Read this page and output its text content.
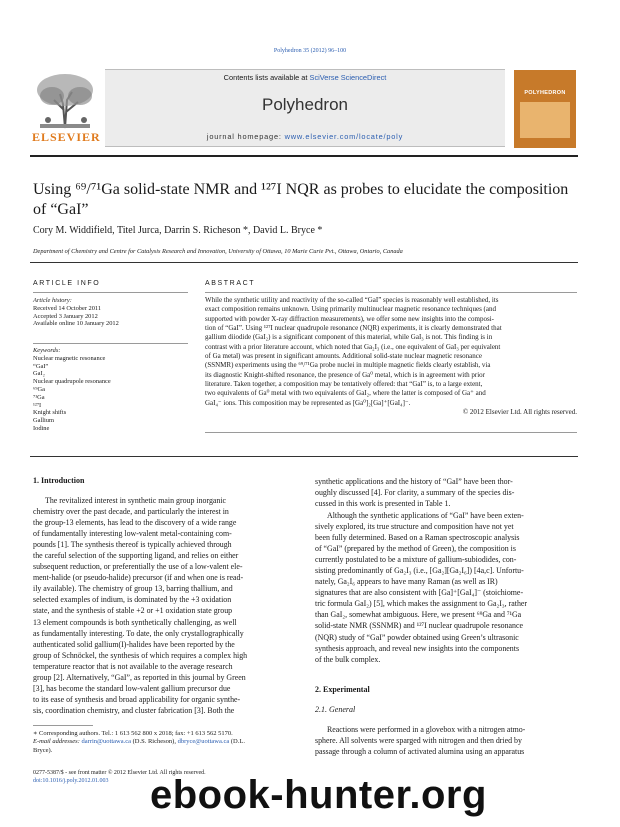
Polyhedron 35 (2012) 96–100
ELSEVIER
Contents lists available at SciVerse ScienceDirect
Polyhedron
journal homepage: www.elsevier.com/locate/poly
POLYHEDRON
Using ⁶⁹/⁷¹Ga solid-state NMR and ¹²⁷I NQR as probes to elucidate the composition
of “GaI”
Cory M. Widdifield, Titel Jurca, Darrin S. Richeson *, David L. Bryce *
Department of Chemistry and Centre for Catalysis Research and Innovation, University of Ottawa, 10 Marie Curie Pvt., Ottawa, Ontario, Canada
ARTICLE INFO
Article history:
Received 14 October 2011
Accepted 3 January 2012
Available online 10 January 2012
Keywords:
Nuclear magnetic resonance
“GaI”
GaI₂
Nuclear quadrupole resonance
⁶⁹Ga
⁷¹Ga
¹²⁷I
Knight shifts
Gallium
Iodine
ABSTRACT
While the synthetic utility and reactivity of the so-called “GaI” species is reasonably well established, its
exact composition remains unknown. Using primarily multinuclear magnetic resonance techniques (and
supported with powder X-ray diffraction measurements), we offer some new insights into the composi-
tion of “GaI”. Using ¹²⁷I nuclear quadrupole resonance (NQR) experiments, it is clearly demonstrated that
gallium diiodide (GaI₂) is a significant component of this material, while GaI₃ is not. This finding is in
contrast with a prior literature account, which noted that Ga₂I₃ (i.e., one equivalent of GaI₃ per equivalent
of Ga metal) was present in significant amounts. Additional solid-state nuclear magnetic resonance
(SSNMR) experiments using the ⁶⁹/⁷¹Ga probe nuclei in multiple magnetic fields clearly establish, via
its diagnostic Knight-shifted resonance, the presence of Ga⁰ metal, which is in agreement with prior
literature. Taken together, a composition may be tentatively offered: that “GaI” is, to a large extent,
two equivalents of Ga⁰ metal with two equivalents of GaI₂, where the latter is composed of Ga⁺ and
GaI₄⁻ ions. This composition may be represented as [Ga⁰]₂[Ga]⁺[GaI₄]⁻.
© 2012 Elsevier Ltd. All rights reserved.
1. Introduction
The revitalized interest in synthetic main group inorganic
chemistry over the past decade, and particularly the interest in
the group-13 elements, has lead to the discovery of a wide range
of fundamentally interesting low-valent metal-containing com-
pounds [1]. The synthesis thereof is typically achieved through
the careful selection of the supporting ligand, and relies on either
subsequent reduction, or preferentially the use of a low-valent ele-
ment-halide (or pseudo-halide) precursor (if and when one is read-
ily available). The chemistry of group 13, barring thallium, and
selected examples of indium, is dominated by the +3 oxidation
state, and the synthesis of stable +2 or +1 oxidation state group
13 element compounds is both synthetically challenging, as well
as fundamentally interesting. To date, the only crystallographically
authenticated solid gallium(I)-halides have been reported by the
group of Schnöckel, the synthesis of which requires a complex high
temperature reactor that is not available to the average research
group [2]. Alternatively, “GaI”, as reported in this journal by Green
[3], has become the standard low-valent gallium precursor due
to its ease of synthesis and broad applicability for organic synthe-
sis, coordination chemistry, and cluster fabrication [3]. Both the
∗ Corresponding authors. Tel.: 1 613 562 800 x 2018; fax: +1 613 562 5170.
E-mail addresses: darrin@uottawa.ca (D.S. Richeson), dbryce@uottawa.ca (D.L.
Bryce).
0277-5387/$ - see front matter © 2012 Elsevier Ltd. All rights reserved.
doi:10.1016/j.poly.2012.01.003
synthetic applications and the history of “GaI” have been thor-
oughly discussed [4]. For clarity, a summary of the species dis-
cussed in this work is presented in Table 1.
Although the synthetic applications of “GaI” have been exten-
sively explored, its true structure and composition have not yet
been fully determined. Based on a Raman spectroscopic analysis
of “GaI” (prepared by the method of Green), the composition is
currently postulated to be a mixture of gallium-subiodides, con-
sisting predominantly of Ga₂I₃ (i.e., [Ga₂][Ga₂I₆]) [4a,c]. Unfortu-
nately, Ga₂I₆ appears to have many Raman (as well as IR)
signatures that are also consistent with [Ga]⁺[GaI₄]⁻ (stoichiome-
tric formula GaI₂) [5], which makes the assignment to Ga₂I₃, rather
than GaI₂, somewhat ambiguous. Here, we present ⁶⁹Ga and ⁷¹Ga
solid-state NMR (SSNMR) and ¹²⁷I nuclear quadrupole resonance
(NQR) study of “GaI” powder obtained using Green’s ultrasonic
synthesis approach, and reveal new insights into the components
of the bulk complex.
2. Experimental
2.1. General
Reactions were performed in a glovebox with a nitrogen atmo-
sphere. All solvents were sparged with nitrogen and then dried by
passage through a column of activated alumina using an apparatus
ebook-hunter.org
